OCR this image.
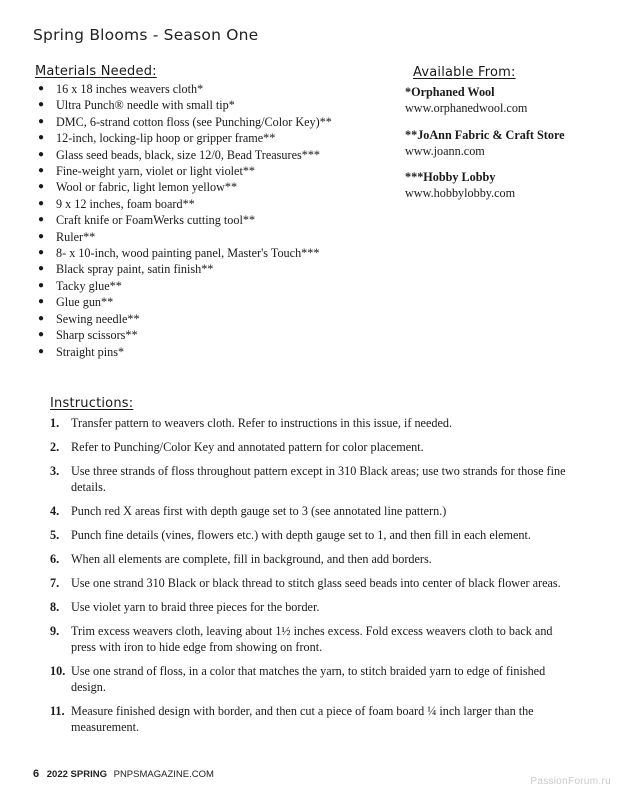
Spring Blooms - Season One
Materials Needed:
● 16 x 18 inches weavers cloth*
● Ultra Punch® needle with small tip*
● DMC, 6-strand cotton floss (see Punching/Color Key)**
● 12-inch, locking-lip hoop or gripper frame**
● Glass seed beads, black, size 12/0, Bead Treasures***
● Fine-weight yarn, violet or light violet**
● Wool or fabric, light lemon yellow**
● 9 x 12 inches, foam board**
● Craft knife or FoamWerks cutting tool**
● Ruler**
● 8- x 10-inch, wood painting panel, Master's Touch***
● Black spray paint, satin finish**
● Tacky glue**
● Glue gun**
● Sewing needle**
● Sharp scissors**
● Straight pins*
Available From:
*Orphaned Wool
www.orphanedwool.com
**JoAnn Fabric & Craft Store
www.joann.com
***Hobby Lobby
www.hobbylobby.com
Instructions:
1. Transfer pattern to weavers cloth. Refer to instructions in this issue, if needed.
2. Refer to Punching/Color Key and annotated pattern for color placement.
3. Use three strands of floss throughout pattern except in 310 Black areas; use two strands for those fine details.
4. Punch red X areas first with depth gauge set to 3 (see annotated line pattern.)
5. Punch fine details (vines, flowers etc.) with depth gauge set to 1, and then fill in each element.
6. When all elements are complete, fill in background, and then add borders.
7. Use one strand 310 Black or black thread to stitch glass seed beads into center of black flower areas.
8. Use violet yarn to braid three pieces for the border.
9. Trim excess weavers cloth, leaving about 1½ inches excess. Fold excess weavers cloth to back and press with iron to hide edge from showing on front.
10. Use one strand of floss, in a color that matches the yarn, to stitch braided yarn to edge of finished design.
11. Measure finished design with border, and then cut a piece of foam board ¼ inch larger than the measurement.
6 2022 SPRING PNPSMAGAZINE.COM
PassionForum.ru
